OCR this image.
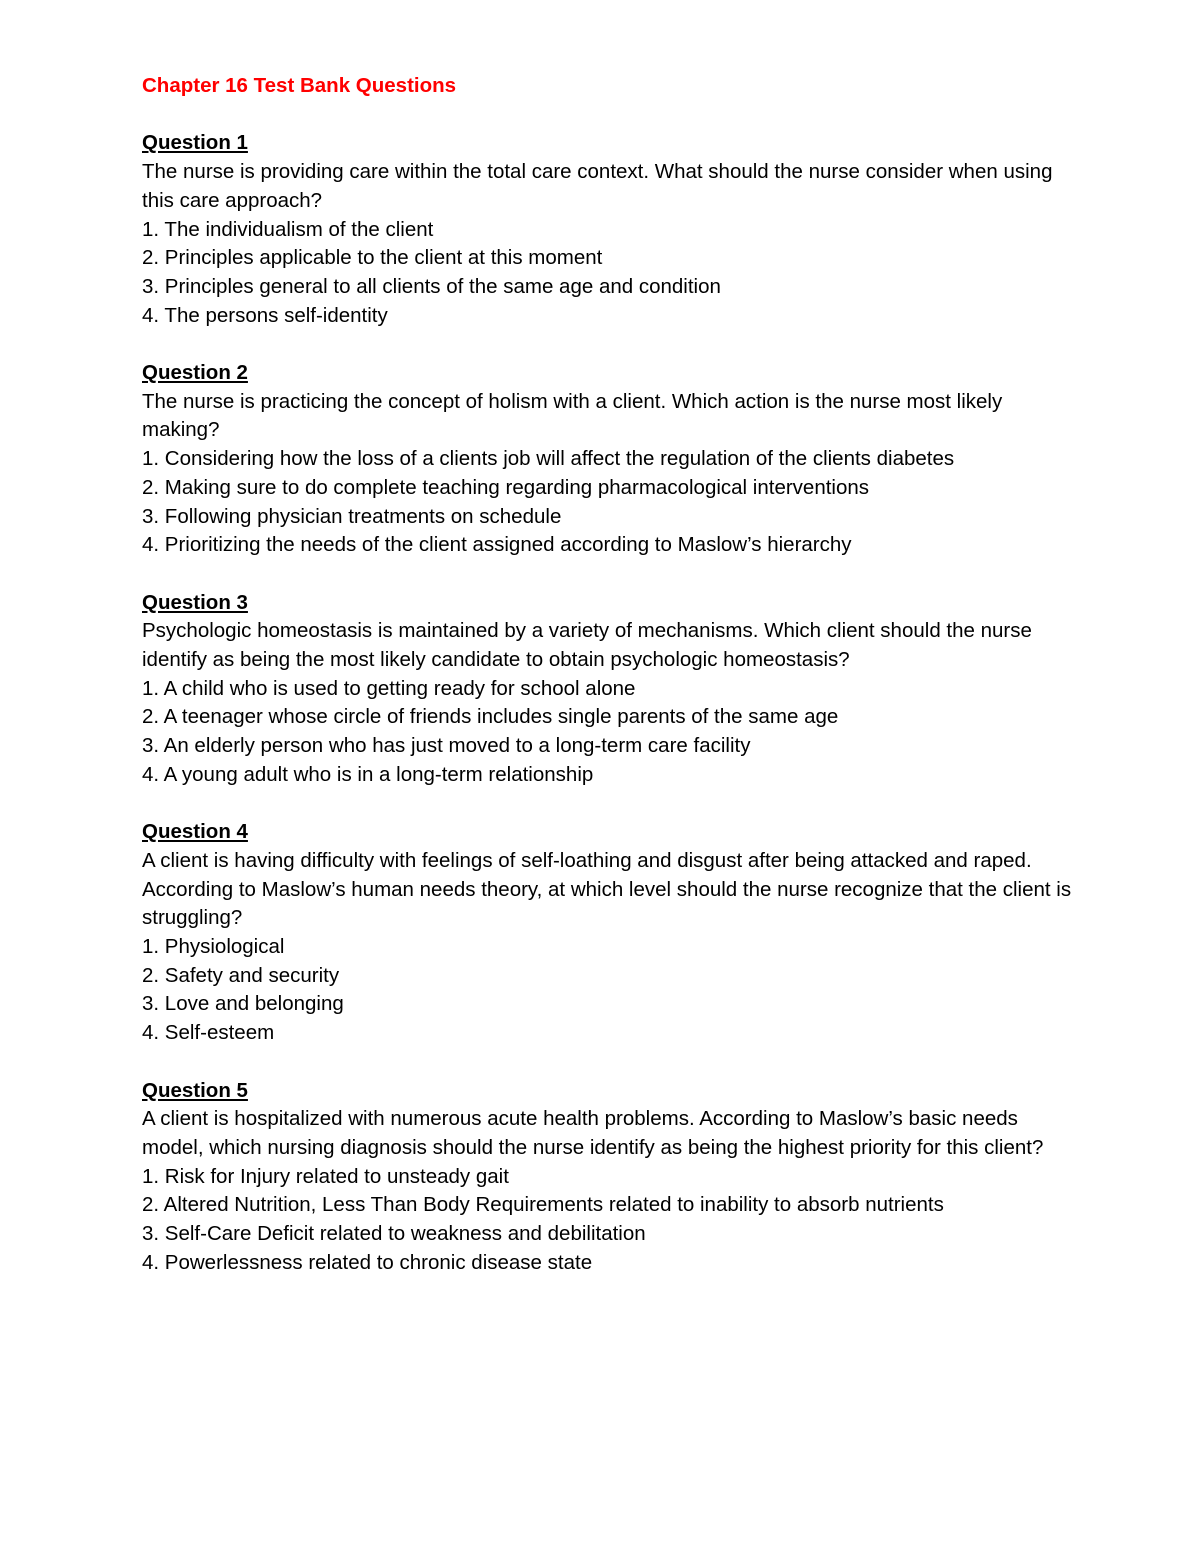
Chapter 16 Test Bank Questions

Question 1

The nurse is providing care within the total care context. What should the nurse consider when using this care approach?

1. The individualism of the client
2. Principles applicable to the client at this moment
3. Principles general to all clients of the same age and condition
4. The persons self-identity

Question 2

The nurse is practicing the concept of holism with a client. Which action is the nurse most likely making?

1. Considering how the loss of a clients job will affect the regulation of the clients diabetes
2. Making sure to do complete teaching regarding pharmacological interventions
3. Following physician treatments on schedule
4. Prioritizing the needs of the client assigned according to Maslow’s hierarchy

Question 3

Psychologic homeostasis is maintained by a variety of mechanisms. Which client should the nurse identify as being the most likely candidate to obtain psychologic homeostasis?

1. A child who is used to getting ready for school alone
2. A teenager whose circle of friends includes single parents of the same age
3. An elderly person who has just moved to a long-term care facility
4. A young adult who is in a long-term relationship

Question 4

A client is having difficulty with feelings of self-loathing and disgust after being attacked and raped. According to Maslow’s human needs theory, at which level should the nurse recognize that the client is struggling?

1. Physiological
2. Safety and security
3. Love and belonging
4. Self-esteem

Question 5

A client is hospitalized with numerous acute health problems. According to Maslow’s basic needs model, which nursing diagnosis should the nurse identify as being the highest priority for this client?

1. Risk for Injury related to unsteady gait
2. Altered Nutrition, Less Than Body Requirements related to inability to absorb nutrients
3. Self-Care Deficit related to weakness and debilitation
4. Powerlessness related to chronic disease state
